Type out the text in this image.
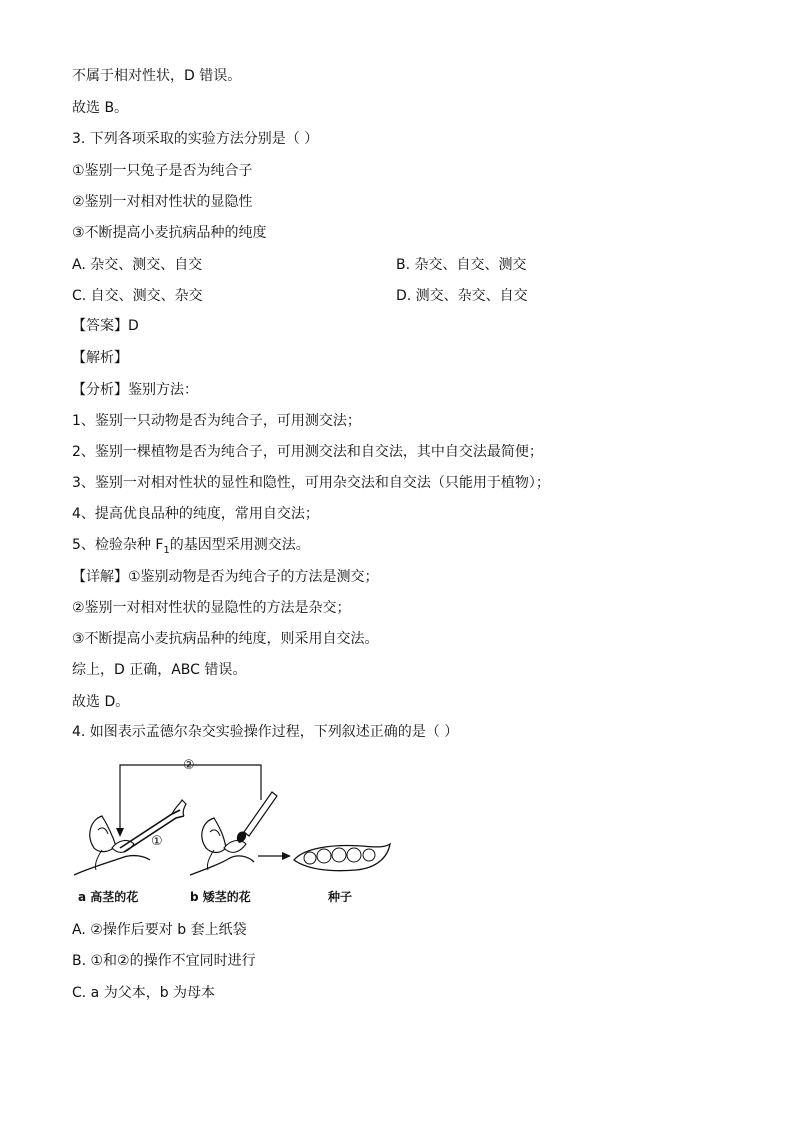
不属于相对性状，D 错误。
故选 B。
3. 下列各项采取的实验方法分别是（ ）
①鉴别一只兔子是否为纯合子
②鉴别一对相对性状的显隐性
③不断提高小麦抗病品种的纯度
A. 杂交、测交、自交	B. 杂交、自交、测交
C. 自交、测交、杂交	D. 测交、杂交、自交
【答案】D
【解析】
【分析】鉴别方法：
1、鉴别一只动物是否为纯合子，可用测交法；
2、鉴别一棵植物是否为纯合子，可用测交法和自交法，其中自交法最简便；
3、鉴别一对相对性状的显性和隐性，可用杂交法和自交法（只能用于植物）；
4、提高优良品种的纯度，常用自交法；
5、检验杂种 $F_1$的基因型采用测交法。
【详解】①鉴别动物是否为纯合子的方法是测交；
②鉴别一对相对性状的显隐性的方法是杂交；
③不断提高小麦抗病品种的纯度，则采用自交法。
综上，D 正确，ABC 错误。
故选 D。
4. 如图表示孟德尔杂交实验操作过程，下列叙述正确的是（ ）
②
①
a 高茎的花	b 矮茎的花	种子
A. ②操作后要对 b 套上纸袋
B. ①和②的操作不宜同时进行
C. a 为父本，b 为母本
